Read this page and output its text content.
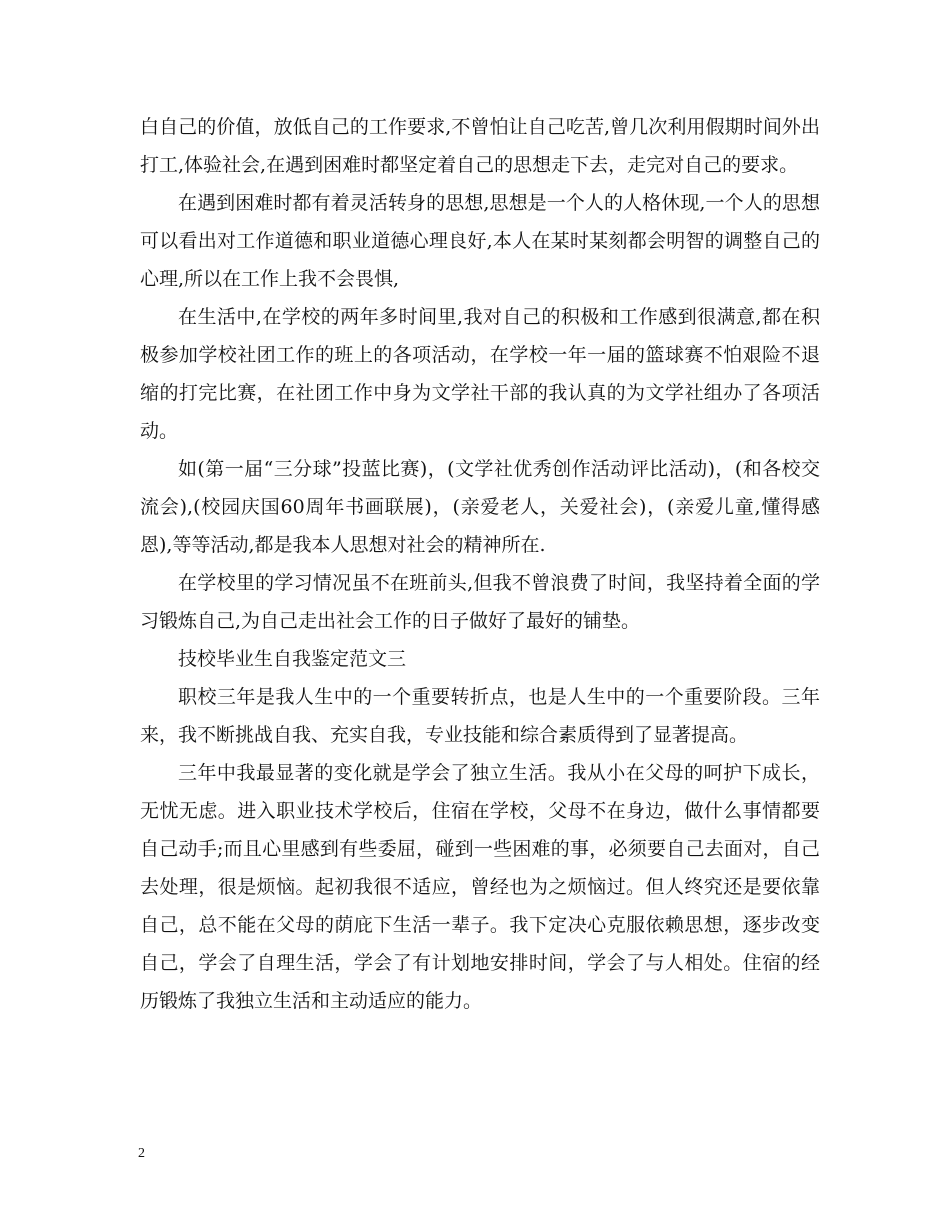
白自己的价值，放低自己的工作要求,不曾怕让自己吃苦,曾几次利用假期时间外出打工,体验社会,在遇到困难时都坚定着自己的思想走下去，走完对自己的要求。

在遇到困难时都有着灵活转身的思想,思想是一个人的人格休现,一个人的思想可以看出对工作道德和职业道德心理良好,本人在某时某刻都会明智的调整自己的心理,所以在工作上我不会畏惧,

在生活中,在学校的两年多时间里,我对自己的积极和工作感到很满意,都在积极参加学校社团工作的班上的各项活动，在学校一年一届的篮球赛不怕艰险不退缩的打完比赛，在社团工作中身为文学社干部的我认真的为文学社组办了各项活动。

如(第一届“三分球”投蓝比赛)，(文学社优秀创作活动评比活动)，(和各校交流会),(校园庆国60周年书画联展)，(亲爱老人，关爱社会)，(亲爱儿童,懂得感恩),等等活动,都是我本人思想对社会的精神所在.

在学校里的学习情况虽不在班前头,但我不曾浪费了时间，我坚持着全面的学习锻炼自己,为自己走出社会工作的日子做好了最好的铺垫。

技校毕业生自我鉴定范文三

职校三年是我人生中的一个重要转折点，也是人生中的一个重要阶段。三年来，我不断挑战自我、充实自我，专业技能和综合素质得到了显著提高。

三年中我最显著的变化就是学会了独立生活。我从小在父母的呵护下成长，无忧无虑。进入职业技术学校后，住宿在学校，父母不在身边，做什么事情都要自己动手;而且心里感到有些委屈，碰到一些困难的事，必须要自己去面对，自己去处理，很是烦恼。起初我很不适应，曾经也为之烦恼过。但人终究还是要依靠自己，总不能在父母的荫庇下生活一辈子。我下定决心克服依赖思想，逐步改变自己，学会了自理生活，学会了有计划地安排时间，学会了与人相处。住宿的经历锻炼了我独立生活和主动适应的能力。

2
